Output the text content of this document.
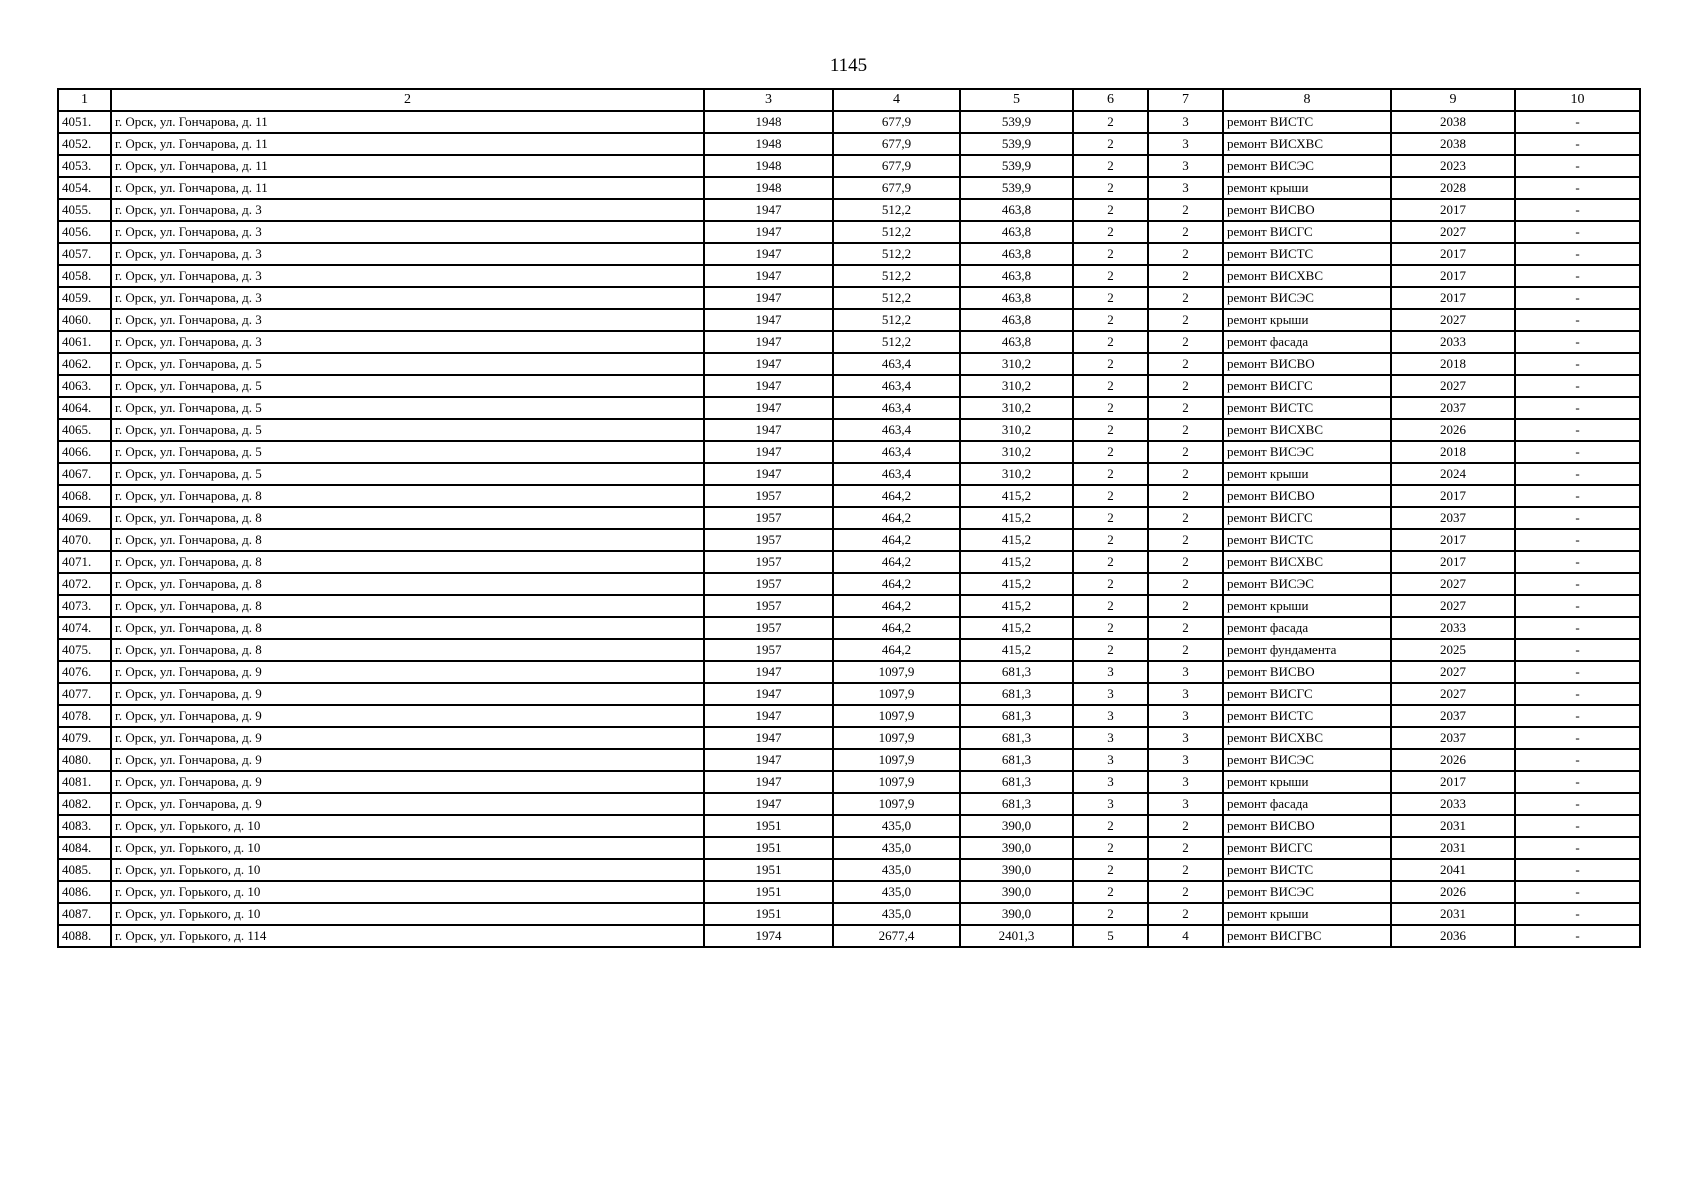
1145
1	2	3	4	5	6	7	8	9	10
4051.	г. Орск, ул. Гончарова, д. 11	1948	677,9	539,9	2	3	ремонт ВИСТС	2038	-
4052.	г. Орск, ул. Гончарова, д. 11	1948	677,9	539,9	2	3	ремонт ВИСХВС	2038	-
4053.	г. Орск, ул. Гончарова, д. 11	1948	677,9	539,9	2	3	ремонт ВИСЭС	2023	-
4054.	г. Орск, ул. Гончарова, д. 11	1948	677,9	539,9	2	3	ремонт крыши	2028	-
4055.	г. Орск, ул. Гончарова, д. 3	1947	512,2	463,8	2	2	ремонт ВИСВО	2017	-
4056.	г. Орск, ул. Гончарова, д. 3	1947	512,2	463,8	2	2	ремонт ВИСГС	2027	-
4057.	г. Орск, ул. Гончарова, д. 3	1947	512,2	463,8	2	2	ремонт ВИСТС	2017	-
4058.	г. Орск, ул. Гончарова, д. 3	1947	512,2	463,8	2	2	ремонт ВИСХВС	2017	-
4059.	г. Орск, ул. Гончарова, д. 3	1947	512,2	463,8	2	2	ремонт ВИСЭС	2017	-
4060.	г. Орск, ул. Гончарова, д. 3	1947	512,2	463,8	2	2	ремонт крыши	2027	-
4061.	г. Орск, ул. Гончарова, д. 3	1947	512,2	463,8	2	2	ремонт фасада	2033	-
4062.	г. Орск, ул. Гончарова, д. 5	1947	463,4	310,2	2	2	ремонт ВИСВО	2018	-
4063.	г. Орск, ул. Гончарова, д. 5	1947	463,4	310,2	2	2	ремонт ВИСГС	2027	-
4064.	г. Орск, ул. Гончарова, д. 5	1947	463,4	310,2	2	2	ремонт ВИСТС	2037	-
4065.	г. Орск, ул. Гончарова, д. 5	1947	463,4	310,2	2	2	ремонт ВИСХВС	2026	-
4066.	г. Орск, ул. Гончарова, д. 5	1947	463,4	310,2	2	2	ремонт ВИСЭС	2018	-
4067.	г. Орск, ул. Гончарова, д. 5	1947	463,4	310,2	2	2	ремонт крыши	2024	-
4068.	г. Орск, ул. Гончарова, д. 8	1957	464,2	415,2	2	2	ремонт ВИСВО	2017	-
4069.	г. Орск, ул. Гончарова, д. 8	1957	464,2	415,2	2	2	ремонт ВИСГС	2037	-
4070.	г. Орск, ул. Гончарова, д. 8	1957	464,2	415,2	2	2	ремонт ВИСТС	2017	-
4071.	г. Орск, ул. Гончарова, д. 8	1957	464,2	415,2	2	2	ремонт ВИСХВС	2017	-
4072.	г. Орск, ул. Гончарова, д. 8	1957	464,2	415,2	2	2	ремонт ВИСЭС	2027	-
4073.	г. Орск, ул. Гончарова, д. 8	1957	464,2	415,2	2	2	ремонт крыши	2027	-
4074.	г. Орск, ул. Гончарова, д. 8	1957	464,2	415,2	2	2	ремонт фасада	2033	-
4075.	г. Орск, ул. Гончарова, д. 8	1957	464,2	415,2	2	2	ремонт фундамента	2025	-
4076.	г. Орск, ул. Гончарова, д. 9	1947	1097,9	681,3	3	3	ремонт ВИСВО	2027	-
4077.	г. Орск, ул. Гончарова, д. 9	1947	1097,9	681,3	3	3	ремонт ВИСГС	2027	-
4078.	г. Орск, ул. Гончарова, д. 9	1947	1097,9	681,3	3	3	ремонт ВИСТС	2037	-
4079.	г. Орск, ул. Гончарова, д. 9	1947	1097,9	681,3	3	3	ремонт ВИСХВС	2037	-
4080.	г. Орск, ул. Гончарова, д. 9	1947	1097,9	681,3	3	3	ремонт ВИСЭС	2026	-
4081.	г. Орск, ул. Гончарова, д. 9	1947	1097,9	681,3	3	3	ремонт крыши	2017	-
4082.	г. Орск, ул. Гончарова, д. 9	1947	1097,9	681,3	3	3	ремонт фасада	2033	-
4083.	г. Орск, ул. Горького, д. 10	1951	435,0	390,0	2	2	ремонт ВИСВО	2031	-
4084.	г. Орск, ул. Горького, д. 10	1951	435,0	390,0	2	2	ремонт ВИСГС	2031	-
4085.	г. Орск, ул. Горького, д. 10	1951	435,0	390,0	2	2	ремонт ВИСТС	2041	-
4086.	г. Орск, ул. Горького, д. 10	1951	435,0	390,0	2	2	ремонт ВИСЭС	2026	-
4087.	г. Орск, ул. Горького, д. 10	1951	435,0	390,0	2	2	ремонт крыши	2031	-
4088.	г. Орск, ул. Горького, д. 114	1974	2677,4	2401,3	5	4	ремонт ВИСГВС	2036	-
